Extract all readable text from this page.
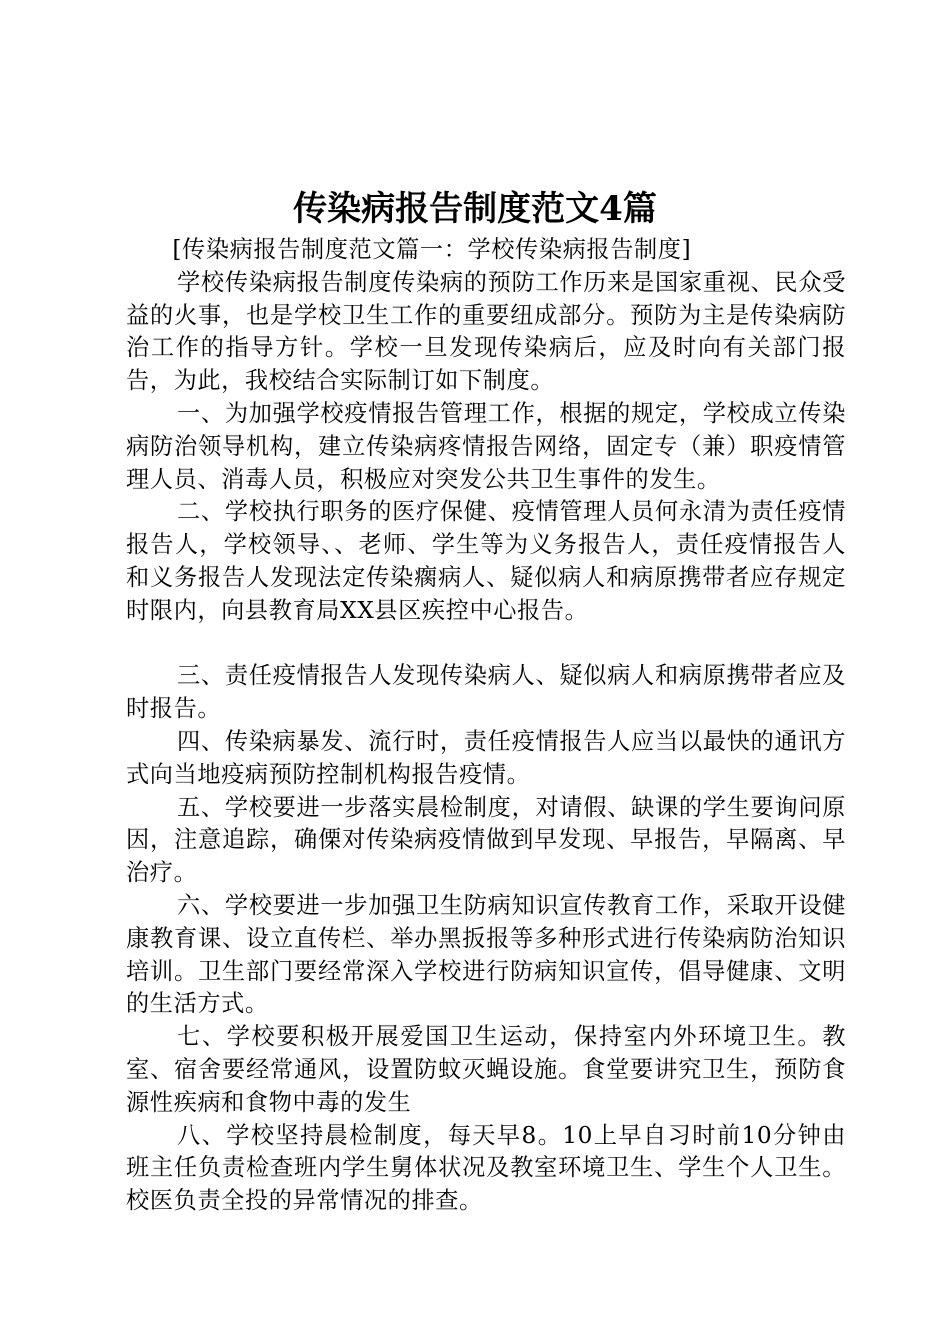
传染病报告制度范文4篇

[传染病报告制度范文篇一：学校传染病报告制度]

学校传染病报告制度传染病的预防工作历来是国家重视、民众受益的火事，也是学校卫生工作的重要纽成部分。预防为主是传染病防治工作的指导方针。学校一旦发现传染病后，应及时向有关部门报告，为此，我校结合实际制订如下制度。

一、为加强学校疫情报告管理工作，根据的规定，学校成立传染病防治领导机构，建立传染病疼情报告网络，固定专（兼）职疫情管理人员、消毒人员，积极应对突发公共卫生事件的发生。

二、学校执行职务的医疗保健、疫情管理人员何永清为责任疫情报告人，学校领导、、老师、学生等为义务报告人，责任疫情报告人和义务报告人发现法定传染瘸病人、疑似病人和病原携带者应存规定时限内，向县教育局XX县区疾控中心报告。

三、责任疫情报告人发现传染病人、疑似病人和病原携带者应及时报告。

四、传染病暴发、流行时，责任疫情报告人应当以最快的通讯方式向当地疫病预防控制机构报告疫情。

五、学校要进一步落实晨检制度，对请假、缺课的学生要询问原因，注意追踪，确傈对传染病疫情做到早发现、早报告，早隔离、早治疗。

六、学校要进一步加强卫生防病知识宣传教育工作，采取开设健康教育课、设立直传栏、举办黑扳报等多种形式进行传染病防治知识培训。卫生部门要经常深入学校进行防病知识宣传，倡导健康、文明的生活方式。

七、学校要积极开展爱国卫生运动，保持室内外环境卫生。教室、宿舍要经常通风，设置防蚊灭蝇设施。食堂要讲究卫生，预防食源性疾病和食物中毒的发生

八、学校坚持晨检制度，每天早8。10上早自习时前10分钟由班主任负责检查班内学生舅体状况及教室环境卫生、学生个人卫生。校医负责全投的异常情况的排查。
